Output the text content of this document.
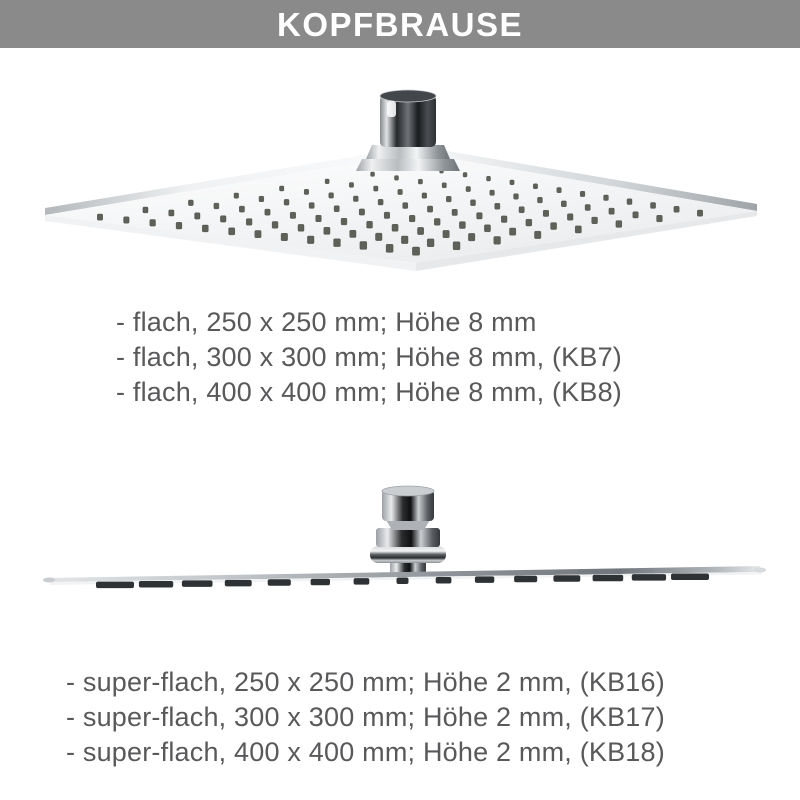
KOPFBRAUSE
- flach, 250 x 250 mm; Höhe 8 mm
- flach, 300 x 300 mm; Höhe 8 mm, (KB7)
- flach, 400 x 400 mm; Höhe 8 mm, (KB8)
- super-flach, 250 x 250 mm; Höhe 2 mm, (KB16)
- super-flach, 300 x 300 mm; Höhe 2 mm, (KB17)
- super-flach, 400 x 400 mm; Höhe 2 mm, (KB18)
